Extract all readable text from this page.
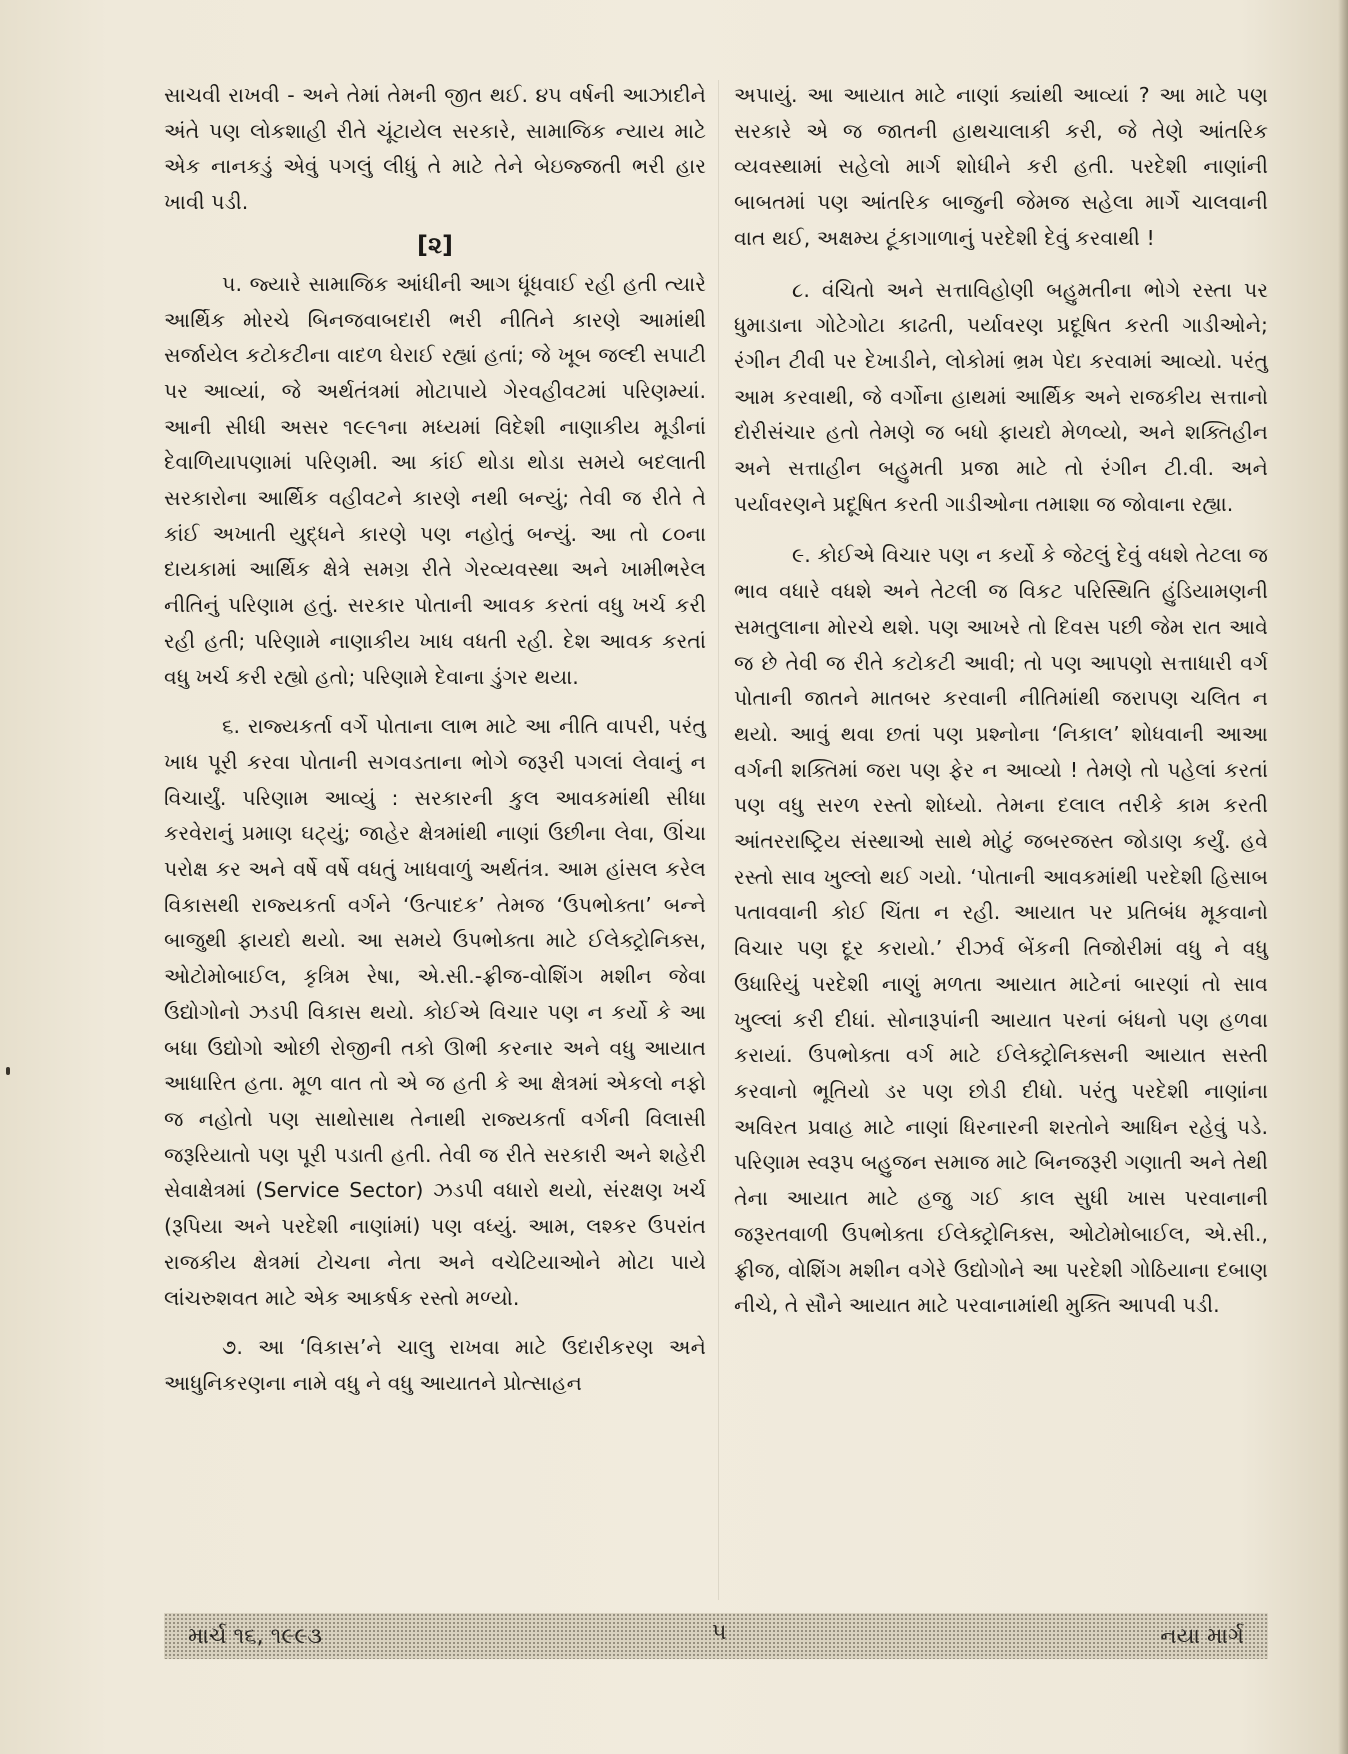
સાચવી રાખવી - અને તેમાં તેમની જીત થઈ. ૪૫ વર્ષની આઝાદીને અંતે પણ લોકશાહી રીતે ચૂંટાયેલ સરકારે, સામાજિક ન્યાય માટે એક નાનકડું એવું પગલું લીધું તે માટે તેને બેઇજ્જતી ભરી હાર ખાવી પડી.

[૨]

૫. જ્યારે સામાજિક આંધીની આગ ધૂંધવાઈ રહી હતી ત્યારે આર્થિક મોરચે બિનજવાબદારી ભરી નીતિને કારણે આમાંથી સર્જાયેલ કટોકટીના વાદળ ઘેરાઈ રહ્યાં હતાં; જે ખૂબ જલ્દી સપાટી પર આવ્યાં, જે અર્થતંત્રમાં મોટાપાયે ગેરવહીવટમાં પરિણમ્યાં. આની સીધી અસર ૧૯૯૧ના મધ્યમાં વિદેશી નાણાકીય મૂડીનાં દેવાળિયાપણામાં પરિણમી. આ કાંઈ થોડા થોડા સમયે બદલાતી સરકારોના આર્થિક વહીવટને કારણે નથી બન્યું; તેવી જ રીતે તે કાંઈ અખાતી યુદ્ધને કારણે પણ નહોતું બન્યું. આ તો ૮૦ના દાયકામાં આર્થિક ક્ષેત્રે સમગ્ર રીતે ગેરવ્યવસ્થા અને ખામીભરેલ નીતિનું પરિણામ હતું. સરકાર પોતાની આવક કરતાં વધુ ખર્ચ કરી રહી હતી; પરિણામે નાણાકીય ખાધ વધતી રહી. દેશ આવક કરતાં વધુ ખર્ચ કરી રહ્યો હતો; પરિણામે દેવાના ડુંગર થયા.

૬. રાજ્યકર્તા વર્ગે પોતાના લાભ માટે આ નીતિ વાપરી, પરંતુ ખાધ પૂરી કરવા પોતાની સગવડતાના ભોગે જરૂરી પગલાં લેવાનું ન વિચાર્યું. પરિણામ આવ્યું : સરકારની કુલ આવકમાંથી સીધા કરવેરાનું પ્રમાણ ઘટ્યું; જાહેર ક્ષેત્રમાંથી નાણાં ઉછીના લેવા, ઊંચા પરોક્ષ કર અને વર્ષે વર્ષે વધતું ખાધવાળું અર્થતંત્ર. આમ હાંસલ કરેલ વિકાસથી રાજ્યકર્તા વર્ગને ‘ઉત્પાદક’ તેમજ ‘ઉપભોક્તા’ બન્ને બાજુથી ફાયદો થયો. આ સમયે ઉપભોક્તા માટે ઈલેક્ટ્રોનિક્સ, ઓટોમોબાઈલ, કૃત્રિમ રેષા, એ.સી.-ફ્રીજ-વોશિંગ મશીન જેવા ઉદ્યોગોનો ઝડપી વિકાસ થયો. કોઈએ વિચાર પણ ન કર્યો કે આ બધા ઉદ્યોગો ઓછી રોજીની તકો ઊભી કરનાર અને વધુ આયાત આધારિત હતા. મૂળ વાત તો એ જ હતી કે આ ક્ષેત્રમાં એકલો નફો જ નહોતો પણ સાથોસાથ તેનાથી રાજ્યકર્તા વર્ગની વિલાસી જરૂરિયાતો પણ પૂરી પડાતી હતી. તેવી જ રીતે સરકારી અને શહેરી સેવાક્ષેત્રમાં (Service Sector) ઝડપી વધારો થયો, સંરક્ષણ ખર્ચ (રૂપિયા અને પરદેશી નાણાંમાં) પણ વધ્યું. આમ, લશ્કર ઉપરાંત રાજકીય ક્ષેત્રમાં ટોચના નેતા અને વચેટિયાઓને મોટા પાયે લાંચરુશવત માટે એક આકર્ષક રસ્તો મળ્યો.

૭. આ ‘વિકાસ’ને ચાલુ રાખવા માટે ઉદારીકરણ અને આધુનિકરણના નામે વધુ ને વધુ આયાતને પ્રોત્સાહન

અપાયું. આ આયાત માટે નાણાં ક્યાંથી આવ્યાં ? આ માટે પણ સરકારે એ જ જાતની હાથચાલાકી કરી, જે તેણે આંતરિક વ્યવસ્થામાં સહેલો માર્ગ શોધીને કરી હતી. પરદેશી નાણાંની બાબતમાં પણ આંતરિક બાજુની જેમજ સહેલા માર્ગે ચાલવાની વાત થઈ, અક્ષમ્ય ટૂંકાગાળાનું પરદેશી દેવું કરવાથી !

૮. વંચિતો અને સત્તાવિહોણી બહુમતીના ભોગે રસ્તા પર ધુમાડાના ગોટેગોટા કાઢતી, પર્યાવરણ પ્રદૂષિત કરતી ગાડીઓને; રંગીન ટીવી પર દેખાડીને, લોકોમાં ભ્રમ પેદા કરવામાં આવ્યો. પરંતુ આમ કરવાથી, જે વર્ગોના હાથમાં આર્થિક અને રાજકીય સત્તાનો દોરીસંચાર હતો તેમણે જ બધો ફાયદો મેળવ્યો, અને શક્તિહીન અને સત્તાહીન બહુમતી પ્રજા માટે તો રંગીન ટી.વી. અને પર્યાવરણને પ્રદૂષિત કરતી ગાડીઓના તમાશા જ જોવાના રહ્યા.

૯. કોઈએ વિચાર પણ ન કર્યો કે જેટલું દેવું વધશે તેટલા જ ભાવ વધારે વધશે અને તેટલી જ વિકટ પરિસ્થિતિ હુંડિયામણની સમતુલાના મોરચે થશે. પણ આખરે તો દિવસ પછી જેમ રાત આવે જ છે તેવી જ રીતે કટોકટી આવી; તો પણ આપણો સત્તાધારી વર્ગ પોતાની જાતને માતબર કરવાની નીતિમાંથી જરાપણ ચલિત ન થયો. આવું થવા છતાં પણ પ્રશ્નોના ‘નિકાલ’ શોધવાની આ‌આ વર્ગની શક્તિમાં જરા પણ ફેર ન આવ્યો ! તેમણે તો પહેલાં કરતાં પણ વધુ સરળ રસ્તો શોધ્યો. તેમના દલાલ તરીકે કામ કરતી આંતરરાષ્ટ્રિય સંસ્થાઓ સાથે મોટું જબરજસ્ત જોડાણ કર્યું. હવે રસ્તો સાવ ખુલ્લો થઈ ગયો. ‘પોતાની આવકમાંથી પરદેશી હિસાબ પતાવવાની કોઈ ચિંતા ન રહી. આયાત પર પ્રતિબંધ મૂકવાનો વિચાર પણ દૂર કરાયો.’ રીઝર્વ બેંકની તિજોરીમાં વધુ ને વધુ ઉધારિયું પરદેશી નાણું મળતા આયાત માટેનાં બારણાં તો સાવ ખુલ્લાં કરી દીધાં. સોનારૂપાંની આયાત પરનાં બંધનો પણ હળવા કરાયાં. ઉપભોક્તા વર્ગ માટે ઈલેક્ટ્રોનિક્સની આયાત સસ્તી કરવાનો ભૂતિયો ડર પણ છોડી દીધો. પરંતુ પરદેશી નાણાંના અવિરત પ્રવાહ માટે નાણાં ધિરનારની શરતોને આધિન રહેવું પડે. પરિણામ સ્વરૂપ બહુજન સમાજ માટે બિનજરૂરી ગણાતી અને તેથી તેના આયાત માટે હજુ ગઈ કાલ સુધી ખાસ પરવાનાની જરૂરતવાળી ઉપભોક્તા ઈલેક્ટ્રોનિક્સ, ઓટોમોબાઈલ, એ.સી., ફ્રીજ, વોશિંગ મશીન વગેરે ઉદ્યોગોને આ પરદેશી ગોઠિયાના દબાણ નીચે, તે સૌને આયાત માટે પરવાનામાંથી મુક્તિ આપવી પડી.

માર્ચ ૧૬, ૧૯૯૩	૫	નયા માર્ગ
